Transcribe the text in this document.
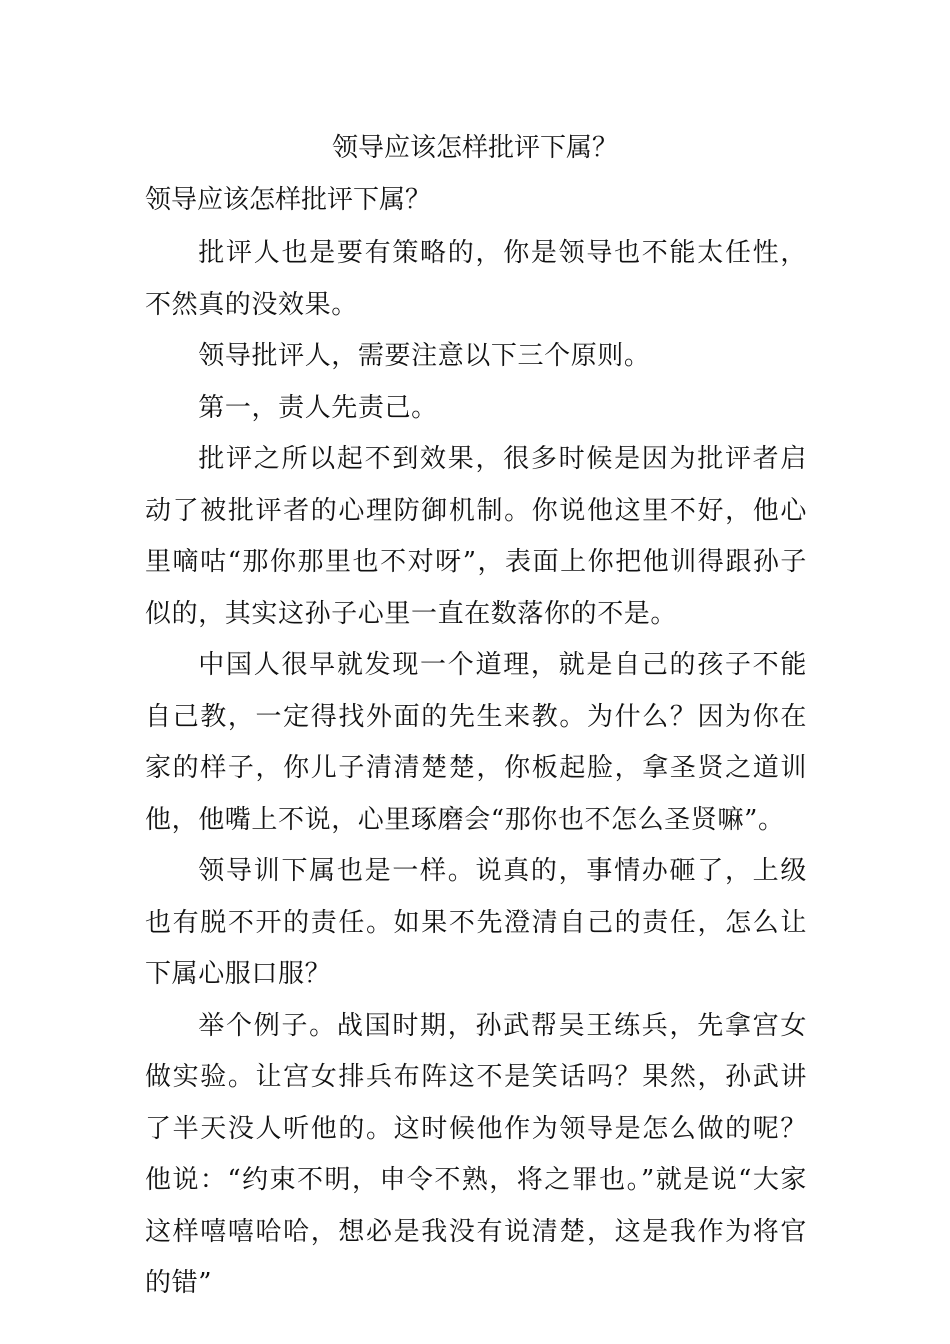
领导应该怎样批评下属？
领导应该怎样批评下属？

批评人也是要有策略的，你是领导也不能太任性，不然真的没效果。

领导批评人，需要注意以下三个原则。

第一，责人先责己。

批评之所以起不到效果，很多时候是因为批评者启动了被批评者的心理防御机制。你说他这里不好，他心里嘀咕“那你那里也不对呀”，表面上你把他训得跟孙子似的，其实这孙子心里一直在数落你的不是。

中国人很早就发现一个道理，就是自己的孩子不能自己教，一定得找外面的先生来教。为什么？因为你在家的样子，你儿子清清楚楚，你板起脸，拿圣贤之道训他，他嘴上不说，心里琢磨会“那你也不怎么圣贤嘛”。

领导训下属也是一样。说真的，事情办砸了，上级也有脱不开的责任。如果不先澄清自己的责任，怎么让下属心服口服？

举个例子。战国时期，孙武帮吴王练兵，先拿宫女做实验。让宫女排兵布阵这不是笑话吗？果然，孙武讲了半天没人听他的。这时候他作为领导是怎么做的呢？他说：“约束不明，申令不熟，将之罪也。”就是说“大家这样嘻嘻哈哈，想必是我没有说清楚，这是我作为将官的错”
